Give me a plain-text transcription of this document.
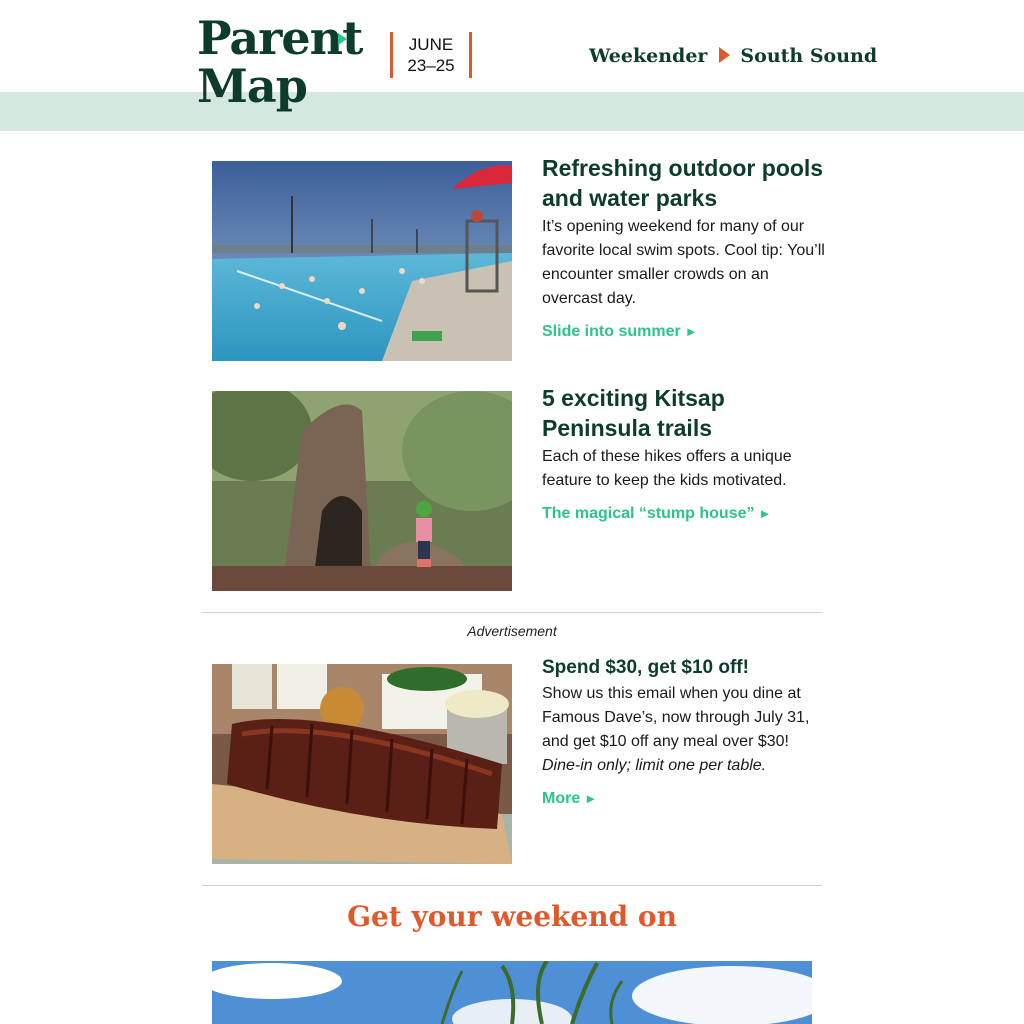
Parent
Map
JUNE
23–25	Weekender South Sound
Refreshing outdoor pools and water parks

It’s opening weekend for many of our favorite local swim spots. Cool tip: You’ll encounter smaller crowds on an overcast day.

Slide into summer ►
5 exciting Kitsap Peninsula trails

Each of these hikes offers a unique feature to keep the kids motivated.

The magical “stump house” ►
Advertisement
Spend $30, get $10 off!

Show us this email when you dine at Famous Dave’s, now through July 31, and get $10 off any meal over $30!

Dine-in only; limit one per table.

More ►
Get your weekend on
